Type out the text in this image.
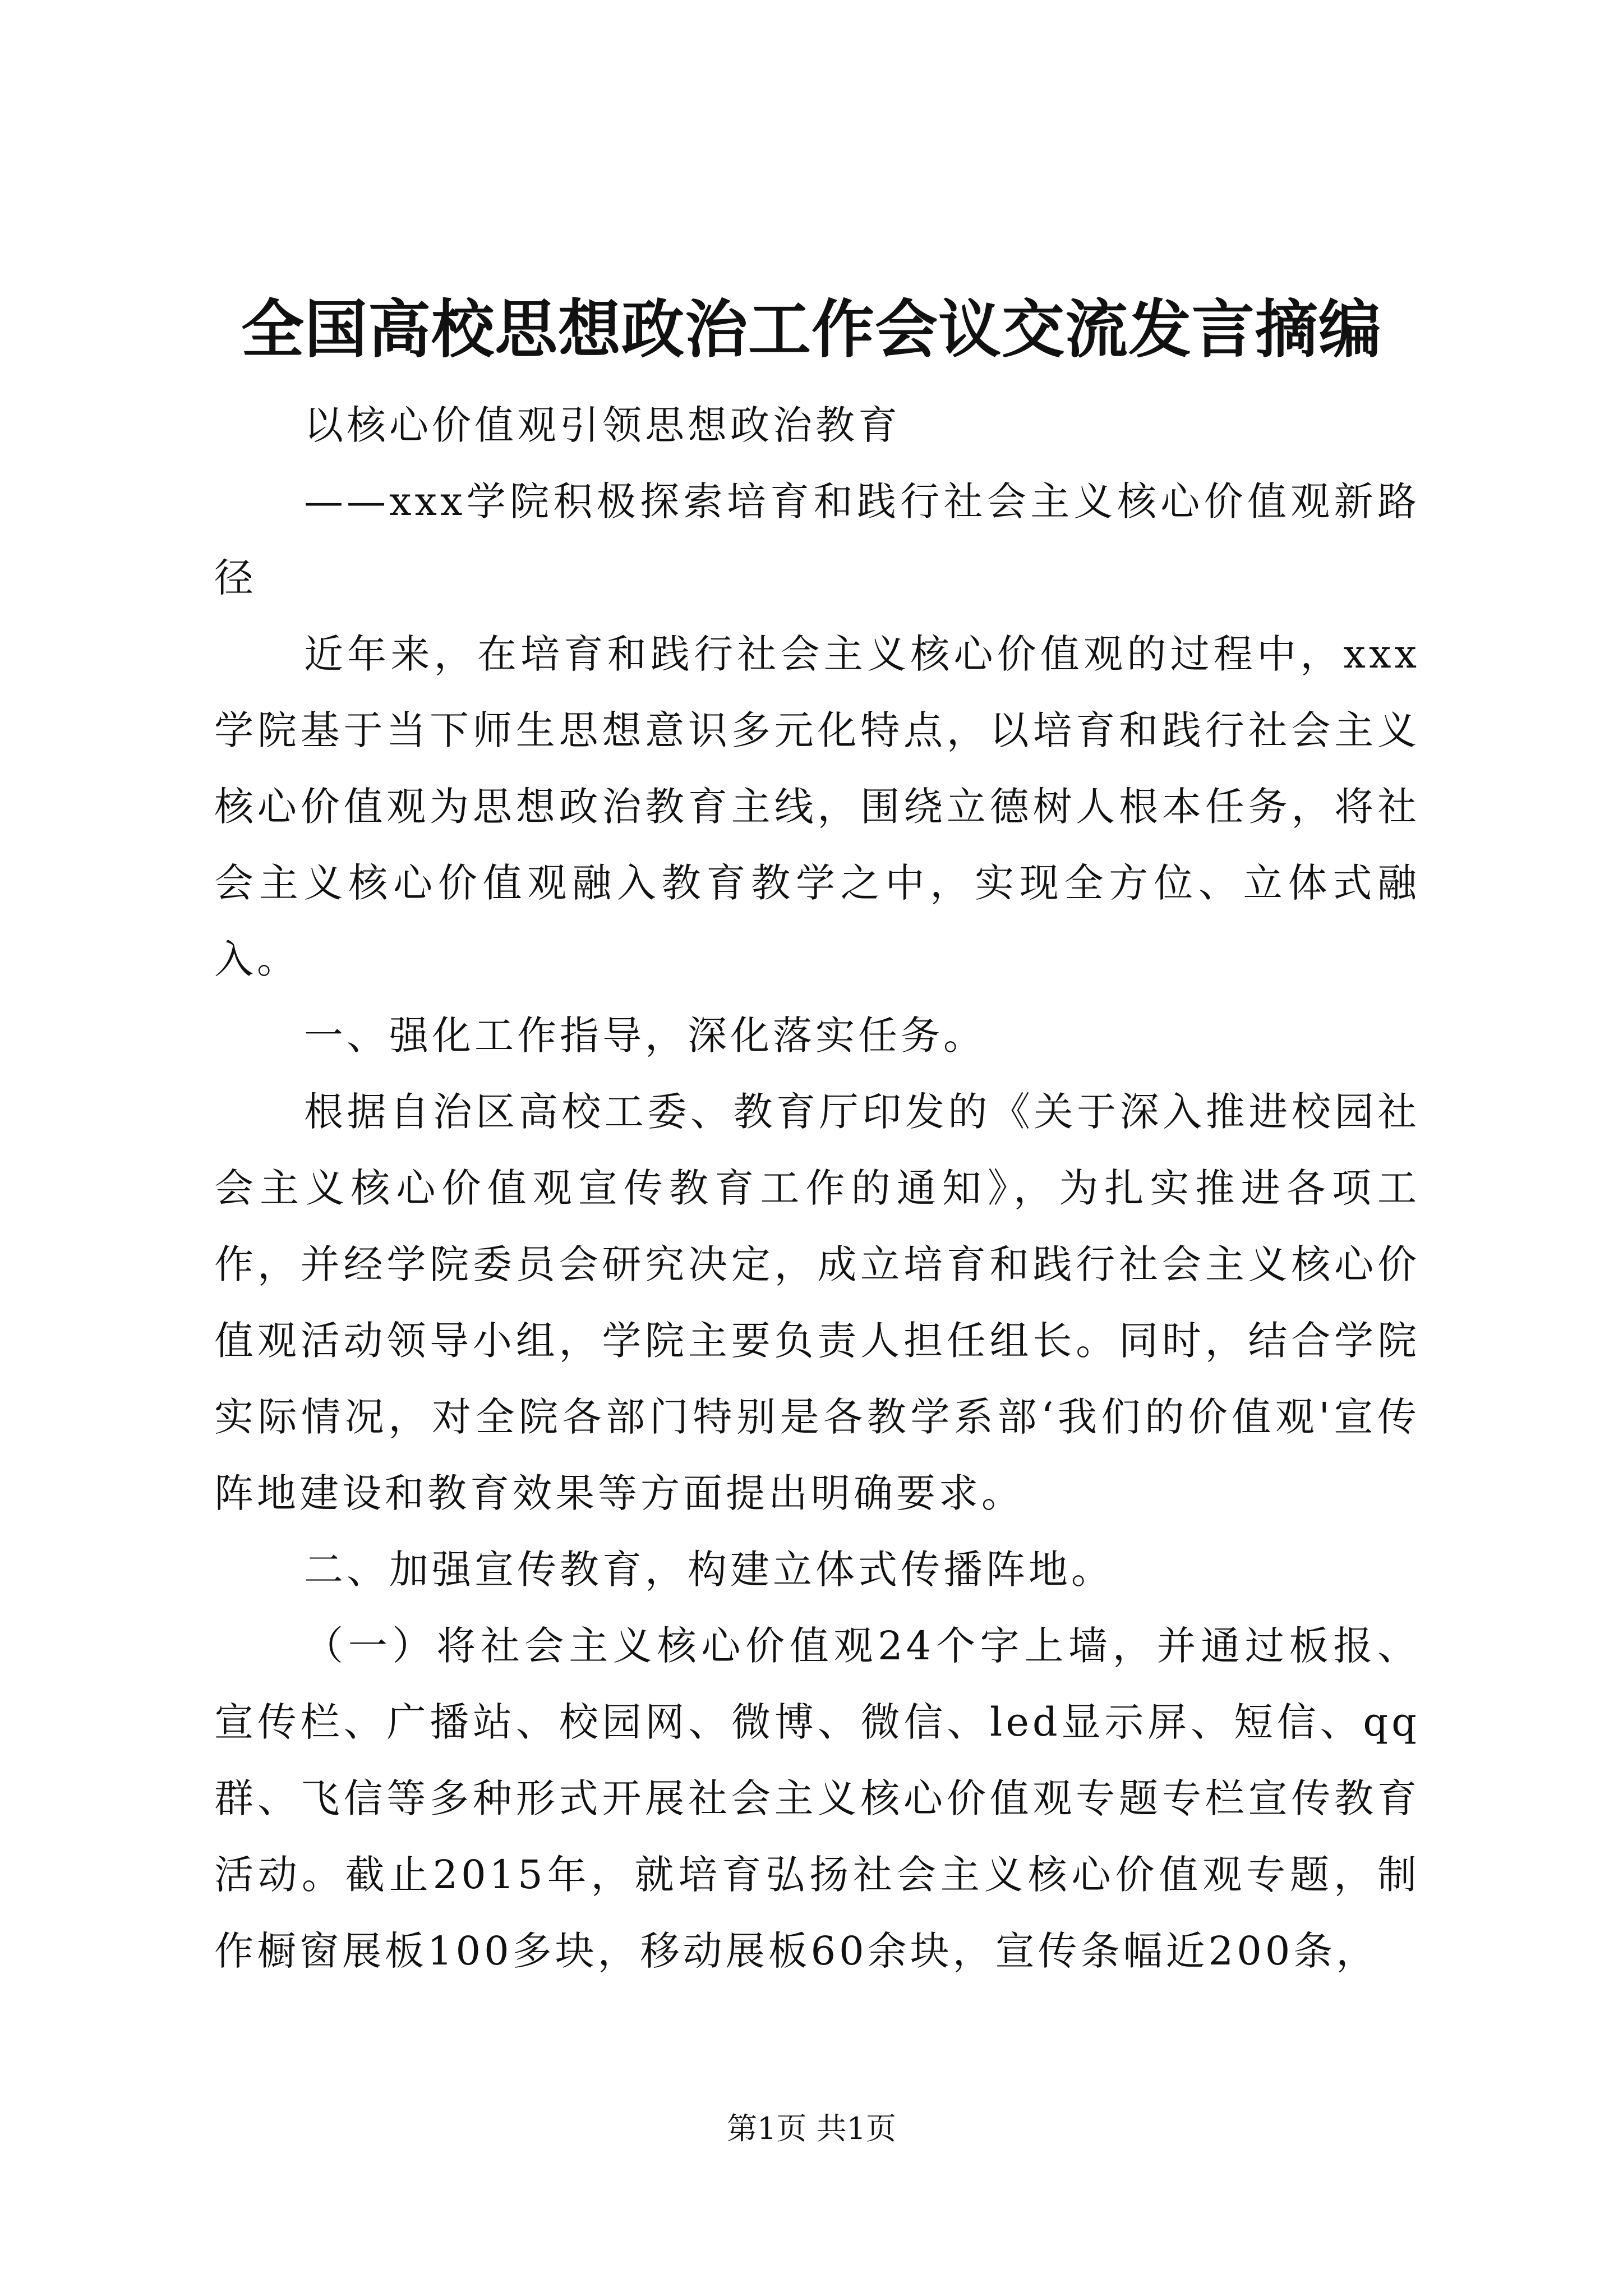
全国高校思想政治工作会议交流发言摘编

以核心价值观引领思想政治教育

——xxx学院积极探索培育和践行社会主义核心价值观新路径

近年来，在培育和践行社会主义核心价值观的过程中，xxx学院基于当下师生思想意识多元化特点，以培育和践行社会主义核心价值观为思想政治教育主线，围绕立德树人根本任务，将社会主义核心价值观融入教育教学之中，实现全方位、立体式融入。

一、强化工作指导，深化落实任务。

根据自治区高校工委、教育厅印发的《关于深入推进校园社会主义核心价值观宣传教育工作的通知》，为扎实推进各项工作，并经学院委员会研究决定，成立培育和践行社会主义核心价值观活动领导小组，学院主要负责人担任组长。同时，结合学院实际情况，对全院各部门特别是各教学系部‘我们的价值观'宣传阵地建设和教育效果等方面提出明确要求。

二、加强宣传教育，构建立体式传播阵地。

（一）将社会主义核心价值观24个字上墙，并通过板报、宣传栏、广播站、校园网、微博、微信、led显示屏、短信、qq群、飞信等多种形式开展社会主义核心价值观专题专栏宣传教育活动。截止2015年，就培育弘扬社会主义核心价值观专题，制作橱窗展板100多块，移动展板60余块，宣传条幅近200条，

第1页 共1页
